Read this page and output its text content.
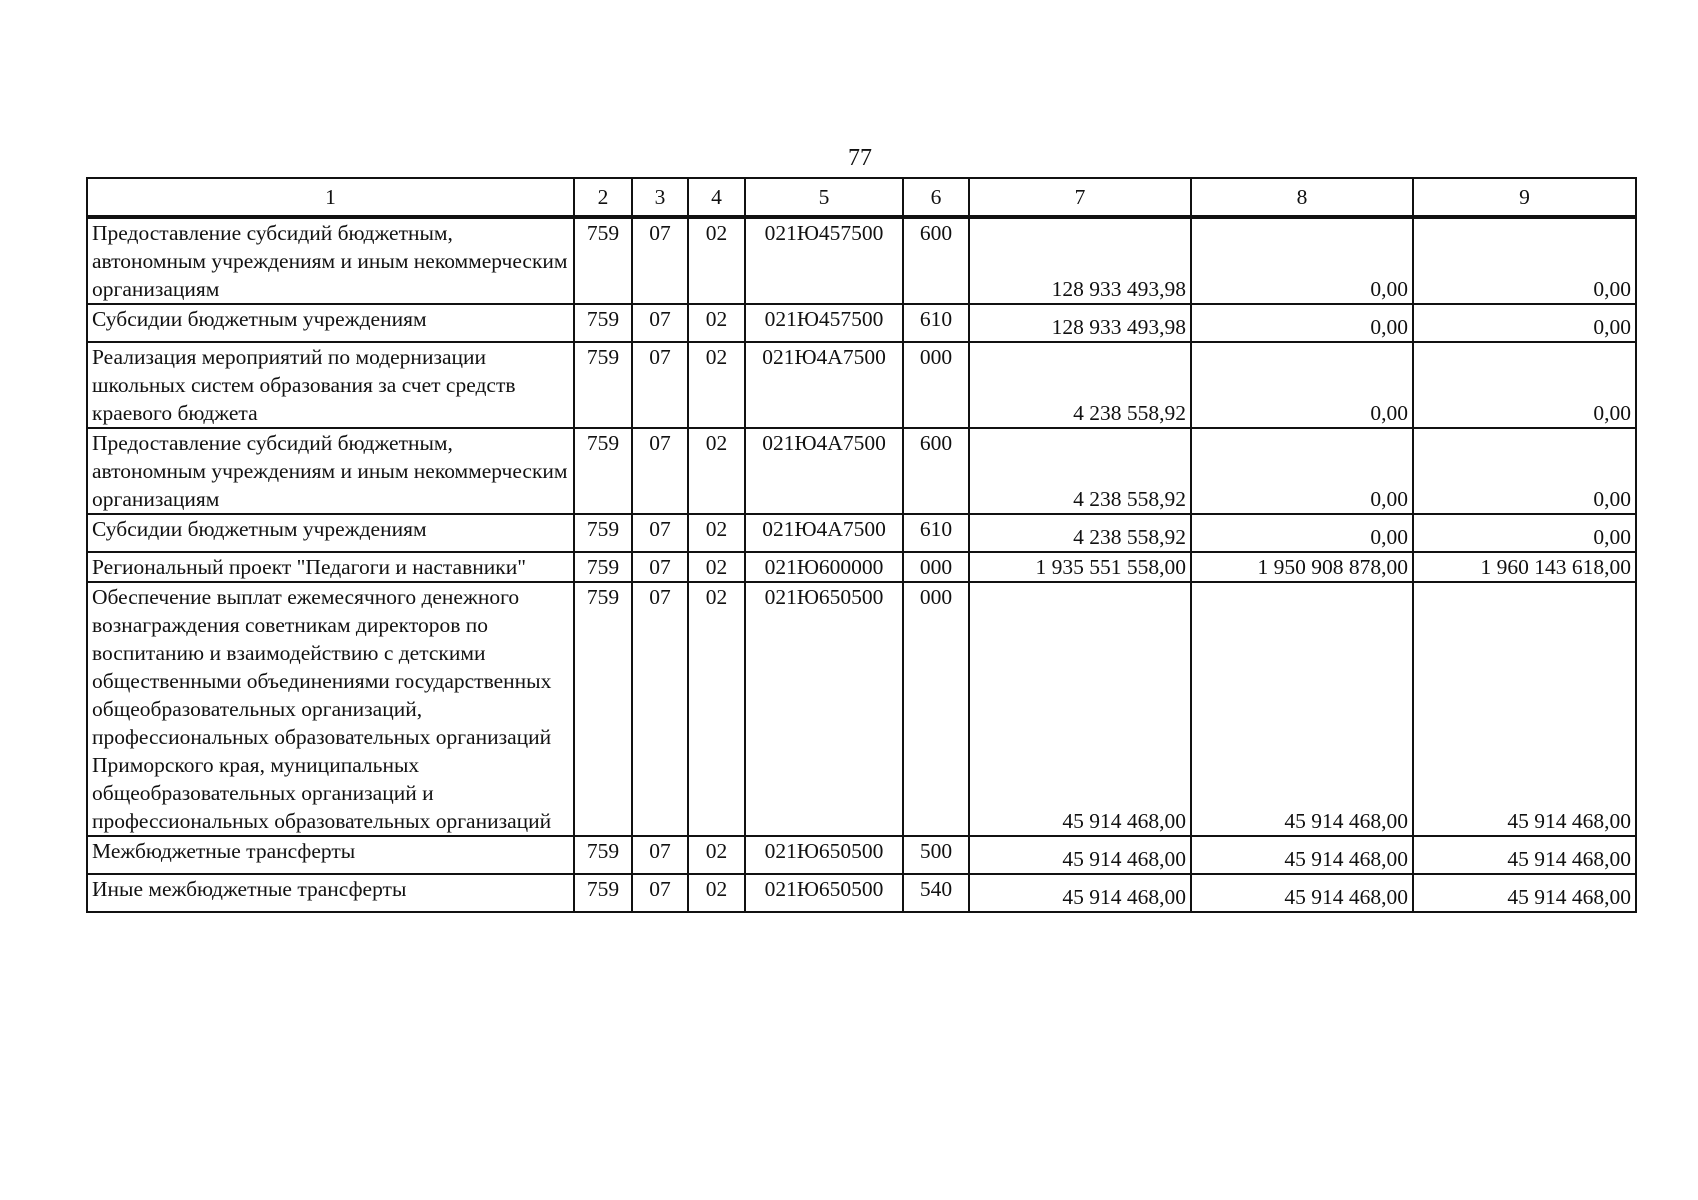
77
1	2	3	4	5	6	7	8	9
Предоставление субсидий бюджетным, автономным учреждениям и иным некоммерческим организациям	759	07	02	021Ю457500	600	128 933 493,98	0,00	0,00
Субсидии бюджетным учреждениям	759	07	02	021Ю457500	610	128 933 493,98	0,00	0,00
Реализация мероприятий по модернизации школьных систем образования за счет средств краевого бюджета	759	07	02	021Ю4А7500	000	4 238 558,92	0,00	0,00
Предоставление субсидий бюджетным, автономным учреждениям и иным некоммерческим организациям	759	07	02	021Ю4А7500	600	4 238 558,92	0,00	0,00
Субсидии бюджетным учреждениям	759	07	02	021Ю4А7500	610	4 238 558,92	0,00	0,00
Региональный проект "Педагоги и наставники"	759	07	02	021Ю600000	000	1 935 551 558,00	1 950 908 878,00	1 960 143 618,00
Обеспечение выплат ежемесячного денежного вознаграждения советникам директоров по воспитанию и взаимодействию с детскими общественными объединениями государственных общеобразовательных организаций, профессиональных образовательных организаций Приморского края, муниципальных общеобразовательных организаций и профессиональных образовательных организаций	759	07	02	021Ю650500	000	45 914 468,00	45 914 468,00	45 914 468,00
Межбюджетные трансферты	759	07	02	021Ю650500	500	45 914 468,00	45 914 468,00	45 914 468,00
Иные межбюджетные трансферты	759	07	02	021Ю650500	540	45 914 468,00	45 914 468,00	45 914 468,00
